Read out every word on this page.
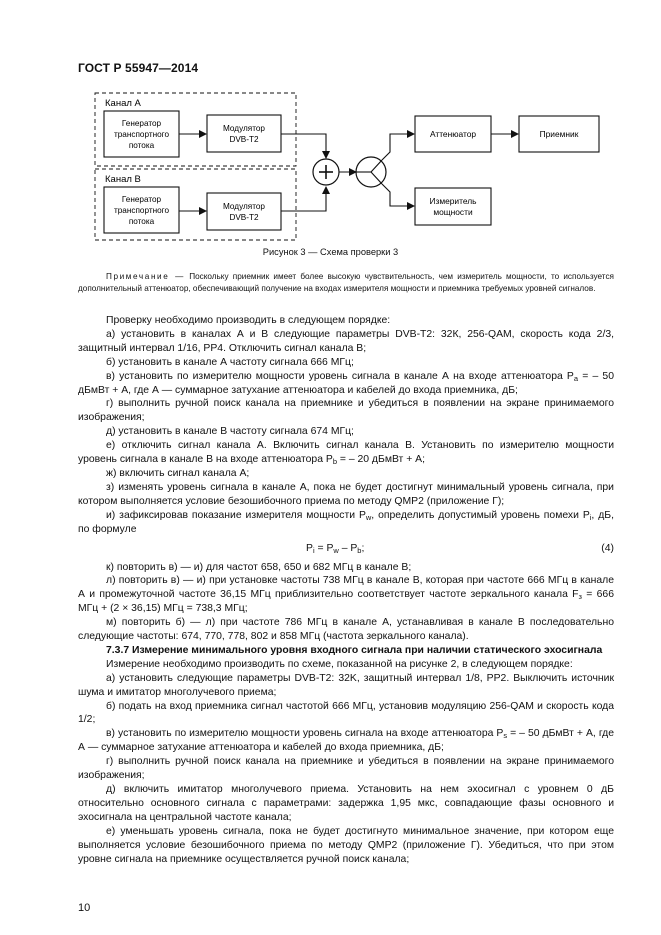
ГОСТ Р 55947—2014
Канал А
Канал В
Генератор
транспортного
потока
Модулятор
DVB-T2
Генератор
транспортного
потока
Модулятор
DVB-T2
Аттенюатор	Приемник
Измеритель
мощности
Рисунок 3 — Схема проверки 3
Примечание — Поскольку приемник имеет более высокую чувствительность, чем измеритель мощности, то используется дополнительный аттенюатор, обеспечивающий получение на входах измерителя мощности и приемника требуемых уровней сигналов.

Проверку необходимо производить в следующем порядке:

а) установить в каналах А и В следующие параметры DVB-T2: 32К, 256-QAM, скорость кода 2/3, защитный интервал 1/16, РР4. Отключить сигнал канала В;

б) установить в канале А частоту сигнала 666 МГц;

в) установить по измерителю мощности уровень сигнала в канале А на входе аттенюатора $P_a$ = – 50 дБмВт + А, где А — суммарное затухание аттенюатора и кабелей до входа приемника, дБ;

г) выполнить ручной поиск канала на приемнике и убедиться в появлении на экране принимаемого изображения;

д) установить в канале В частоту сигнала 674 МГц;

е) отключить сигнал канала А. Включить сигнал канала В. Установить по измерителю мощности уровень сигнала в канале В на входе аттенюатора $P_b$ = – 20 дБмВт + А;

ж) включить сигнал канала А;

з) изменять уровень сигнала в канале А, пока не будет достигнут минимальный уровень сигнала, при котором выполняется условие безошибочного приема по методу QMP2 (приложение Г);

и) зафиксировав показание измерителя мощности $P_w$, определить допустимый уровень помехи $P_i$, дБ, по формуле

$P_i = P_w - P_b$;	(4)

к) повторить в) — и) для частот 658, 650 и 682 МГц в канале В;

л) повторить в) — и) при установке частоты 738 МГц в канале В, которая при частоте 666 МГц в канале А и промежуточной частоте 36,15 МГц приблизительно соответствует частоте зеркального канала $F_з = 666$ МГц + (2 × 36,15) МГц = 738,3 МГц;

м) повторить б) — л) при частоте 786 МГц в канале А, устанавливая в канале В последовательно следующие частоты: 674, 770, 778, 802 и 858 МГц (частота зеркального канала).

7.3.7 Измерение минимального уровня входного сигнала при наличии статического эхосигнала

Измерение необходимо производить по схеме, показанной на рисунке 2, в следующем порядке:

а) установить следующие параметры DVB-T2: 32K, защитный интервал 1/8, РР2. Выключить источник шума и имитатор многолучевого приема;

б) подать на вход приемника сигнал частотой 666 МГц, установив модуляцию 256-QAM и скорость кода 1/2;

в) установить по измерителю мощности уровень сигнала на входе аттенюатора $P_s$ = – 50 дБмВт + А, где А — суммарное затухание аттенюатора и кабелей до входа приемника, дБ;

г) выполнить ручной поиск канала на приемнике и убедиться в появлении на экране принимаемого изображения;

д) включить имитатор многолучевого приема. Установить на нем эхосигнал с уровнем 0 дБ относительно основного сигнала с параметрами: задержка 1,95 мкс, совпадающие фазы основного и эхосигнала на центральной частоте канала;

е) уменьшать уровень сигнала, пока не будет достигнуто минимальное значение, при котором еще выполняется условие безошибочного приема по методу QMP2 (приложение Г). Убедиться, что при этом уровне сигнала на приемнике осуществляется ручной поиск канала;

10
